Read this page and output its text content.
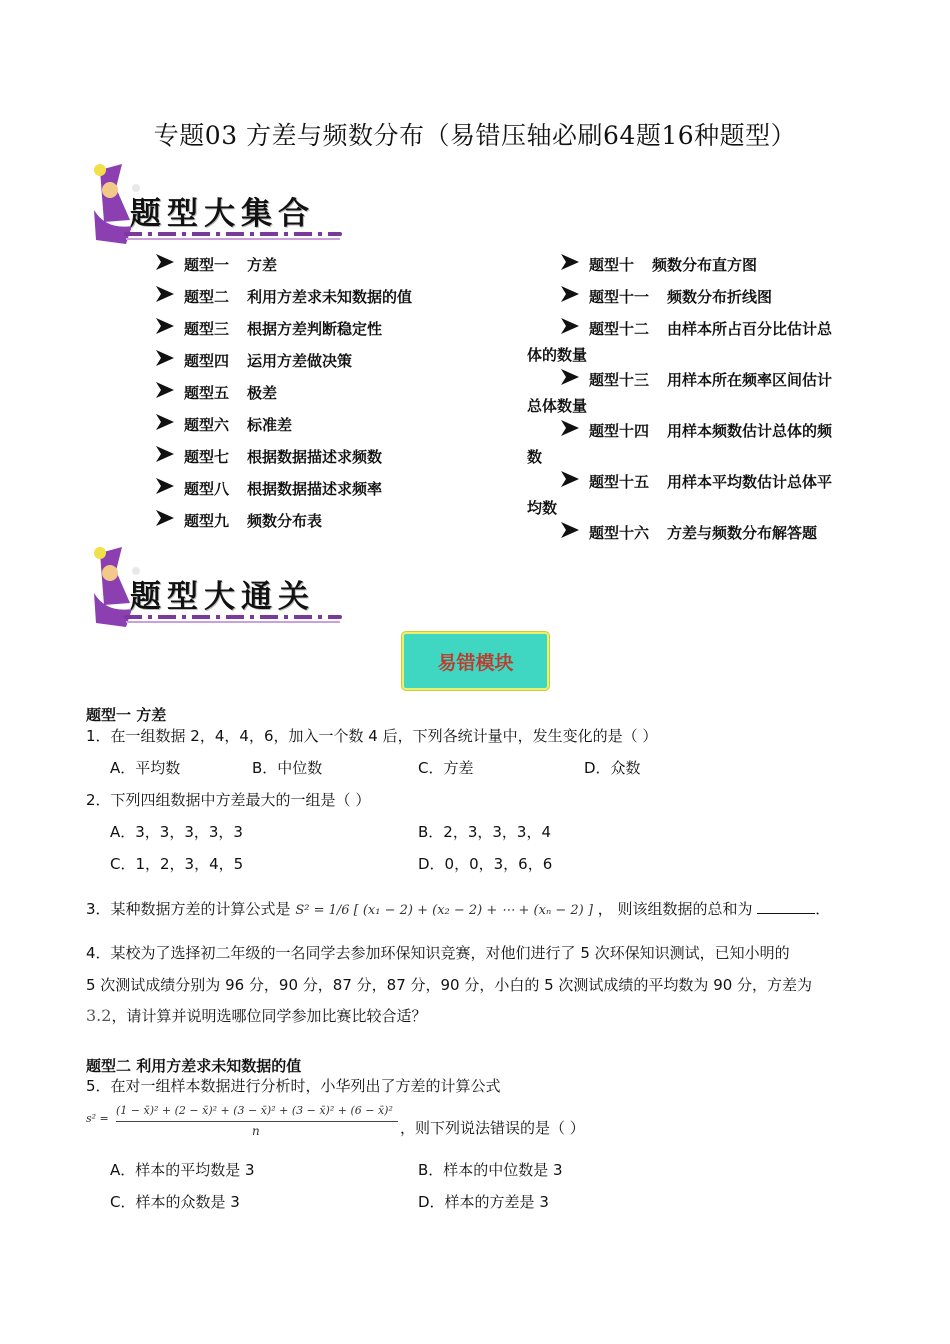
专题03 方差与频数分布（易错压轴必刷64题16种题型）
题型大集合
题型大通关
易错模块
题型一 方差
1．在一组数据 2，4，4，6，加入一个数 4 后，下列各统计量中，发生变化的是（ ）
A．平均数	B．中位数	C．方差	D．众数
2．下列四组数据中方差最大的一组是（ ）
A．3，3，3，3，3	B．2，3，3，3，4
C．1，2，3，4，5	D．0，0，3，6，6
3．某种数据方差的计算公式是 S² = 1/6 [ (x₁ − 2) + (x₂ − 2) + ⋯ + (xₙ − 2) ] ， 则该组数据的总和为	．
4．某校为了选择初二年级的一名同学去参加环保知识竞赛，对他们进行了 5 次环保知识测试，已知小明的
5 次测试成绩分别为 96 分，90 分，87 分，87 分，90 分，小白的 5 次测试成绩的平均数为 90 分，方差为
3.2，请计算并说明选哪位同学参加比赛比较合适？
题型二 利用方差求未知数据的值
5．在对一组样本数据进行分析时，小华列出了方差的计算公式
s² =
(1 − x̄)² + (2 − x̄)² + (3 − x̄)² + (3 − x̄)² + (6 − x̄)²
n	，则下列说法错误的是（ ）
A．样本的平均数是 3	B．样本的中位数是 3
C．样本的众数是 3	D．样本的方差是 3
题型一 方差
题型二 利用方差求未知数据的值
题型三 根据方差判断稳定性
题型四 运用方差做决策
题型五 极差
题型六 标准差
题型七 根据数据描述求频数
题型八 根据数据描述求频率
题型九 频数分布表
题型十 频数分布直方图
题型十一 频数分布折线图
题型十二 由样本所占百分比估计总
体的数量
题型十三 用样本所在频率区间估计
总体数量
题型十四 用样本频数估计总体的频
数
题型十五 用样本平均数估计总体平
均数
题型十六 方差与频数分布解答题
